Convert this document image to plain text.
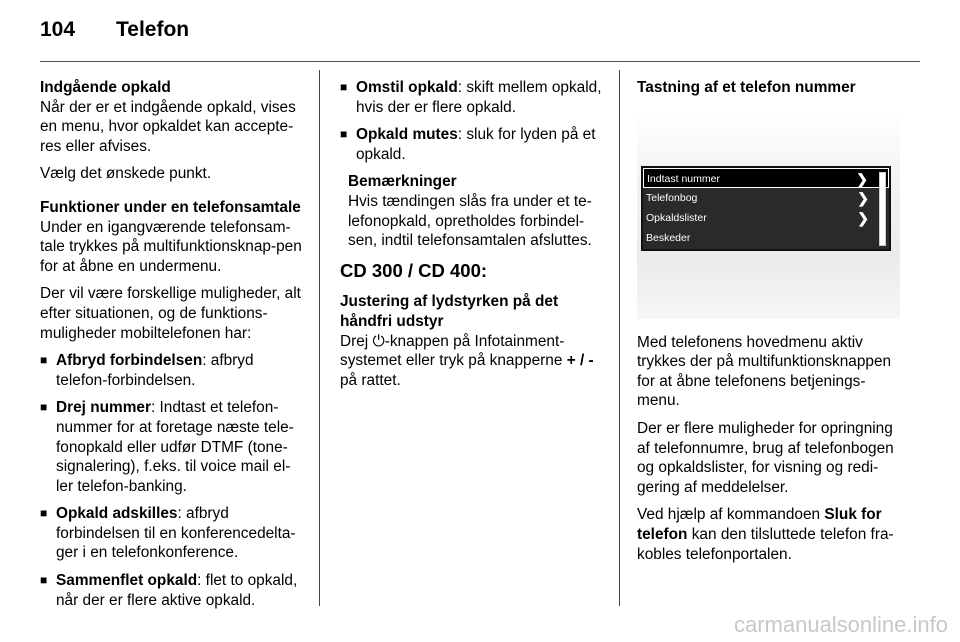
104	Telefon
Indgående opkald

Når der er et indgående opkald, vises en menu, hvor opkaldet kan accepte-res eller afvises.

Vælg det ønskede punkt.

Funktioner under en telefonsamtale

Under en igangværende telefonsam-tale trykkes på multifunktionsknap-pen for at åbne en undermenu.

Der vil være forskellige muligheder, alt efter situationen, og de funktions-muligheder mobiltelefonen har:

■ Afbryd forbindelsen: afbryd telefon-forbindelsen.
■ Drej nummer: Indtast et telefon-nummer for at foretage næste tele-fonopkald eller udfør DTMF (tone-signalering), f.eks. til voice mail el-ler telefon-banking.
■ Opkald adskilles: afbryd forbindelsen til en konferencedelta-ger i en telefonkonference.
■ Sammenflet opkald: flet to opkald, når der er flere aktive opkald.
■ Omstil opkald: skift mellem opkald, hvis der er flere opkald.
■ Opkald mutes: sluk for lyden på et opkald.
Bemærkninger
Hvis tændingen slås fra under et te-lefonopkald, opretholdes forbindel-sen, indtil telefonsamtalen afsluttes.
CD 300 / CD 400:
Justering af lydstyrken på det håndfri udstyr

Drej ⏻-knappen på Infotainment-systemet eller tryk på knapperne + / - på rattet.

Tastning af et telefon nummer
Indtast nummer	❯
Telefonbog	❯
Opkaldslister	❯
Beskeder

Med telefonens hovedmenu aktiv trykkes der på multifunktionsknappen for at åbne telefonens betjenings-menu.

Der er flere muligheder for opringning af telefonnumre, brug af telefonbogen og opkaldslister, for visning og redi-gering af meddelelser.

Ved hjælp af kommandoen Sluk for telefon kan den tilsluttede telefon fra-kobles telefonportalen.

carmanualsonline.info
